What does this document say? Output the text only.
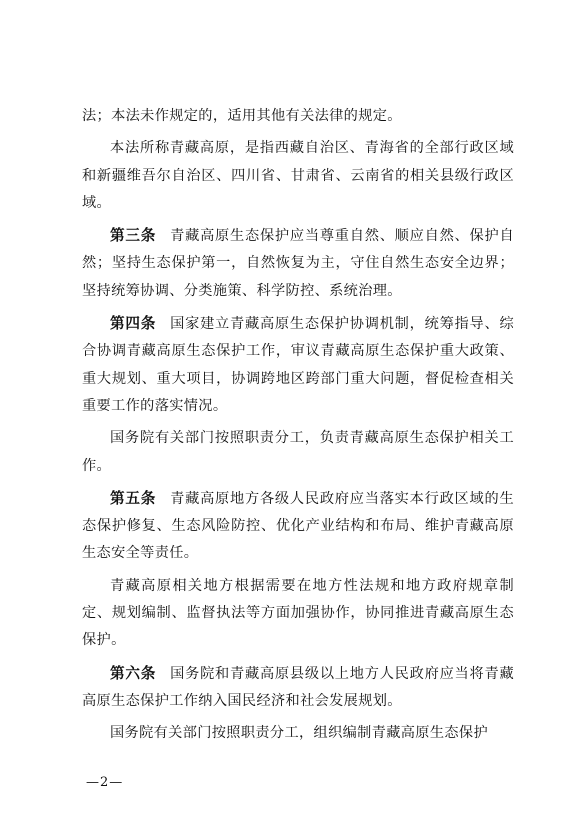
法；本法未作规定的，适用其他有关法律的规定。

本法所称青藏高原，是指西藏自治区、青海省的全部行政区域和新疆维吾尔自治区、四川省、甘肃省、云南省的相关县级行政区域。

第三条 青藏高原生态保护应当尊重自然、顺应自然、保护自然；坚持生态保护第一，自然恢复为主，守住自然生态安全边界；坚持统筹协调、分类施策、科学防控、系统治理。

第四条 国家建立青藏高原生态保护协调机制，统筹指导、综合协调青藏高原生态保护工作，审议青藏高原生态保护重大政策、重大规划、重大项目，协调跨地区跨部门重大问题，督促检查相关重要工作的落实情况。

国务院有关部门按照职责分工，负责青藏高原生态保护相关工作。

第五条 青藏高原地方各级人民政府应当落实本行政区域的生态保护修复、生态风险防控、优化产业结构和布局、维护青藏高原生态安全等责任。

青藏高原相关地方根据需要在地方性法规和地方政府规章制定、规划编制、监督执法等方面加强协作，协同推进青藏高原生态保护。

第六条 国务院和青藏高原县级以上地方人民政府应当将青藏高原生态保护工作纳入国民经济和社会发展规划。

国务院有关部门按照职责分工，组织编制青藏高原生态保护

—2—
